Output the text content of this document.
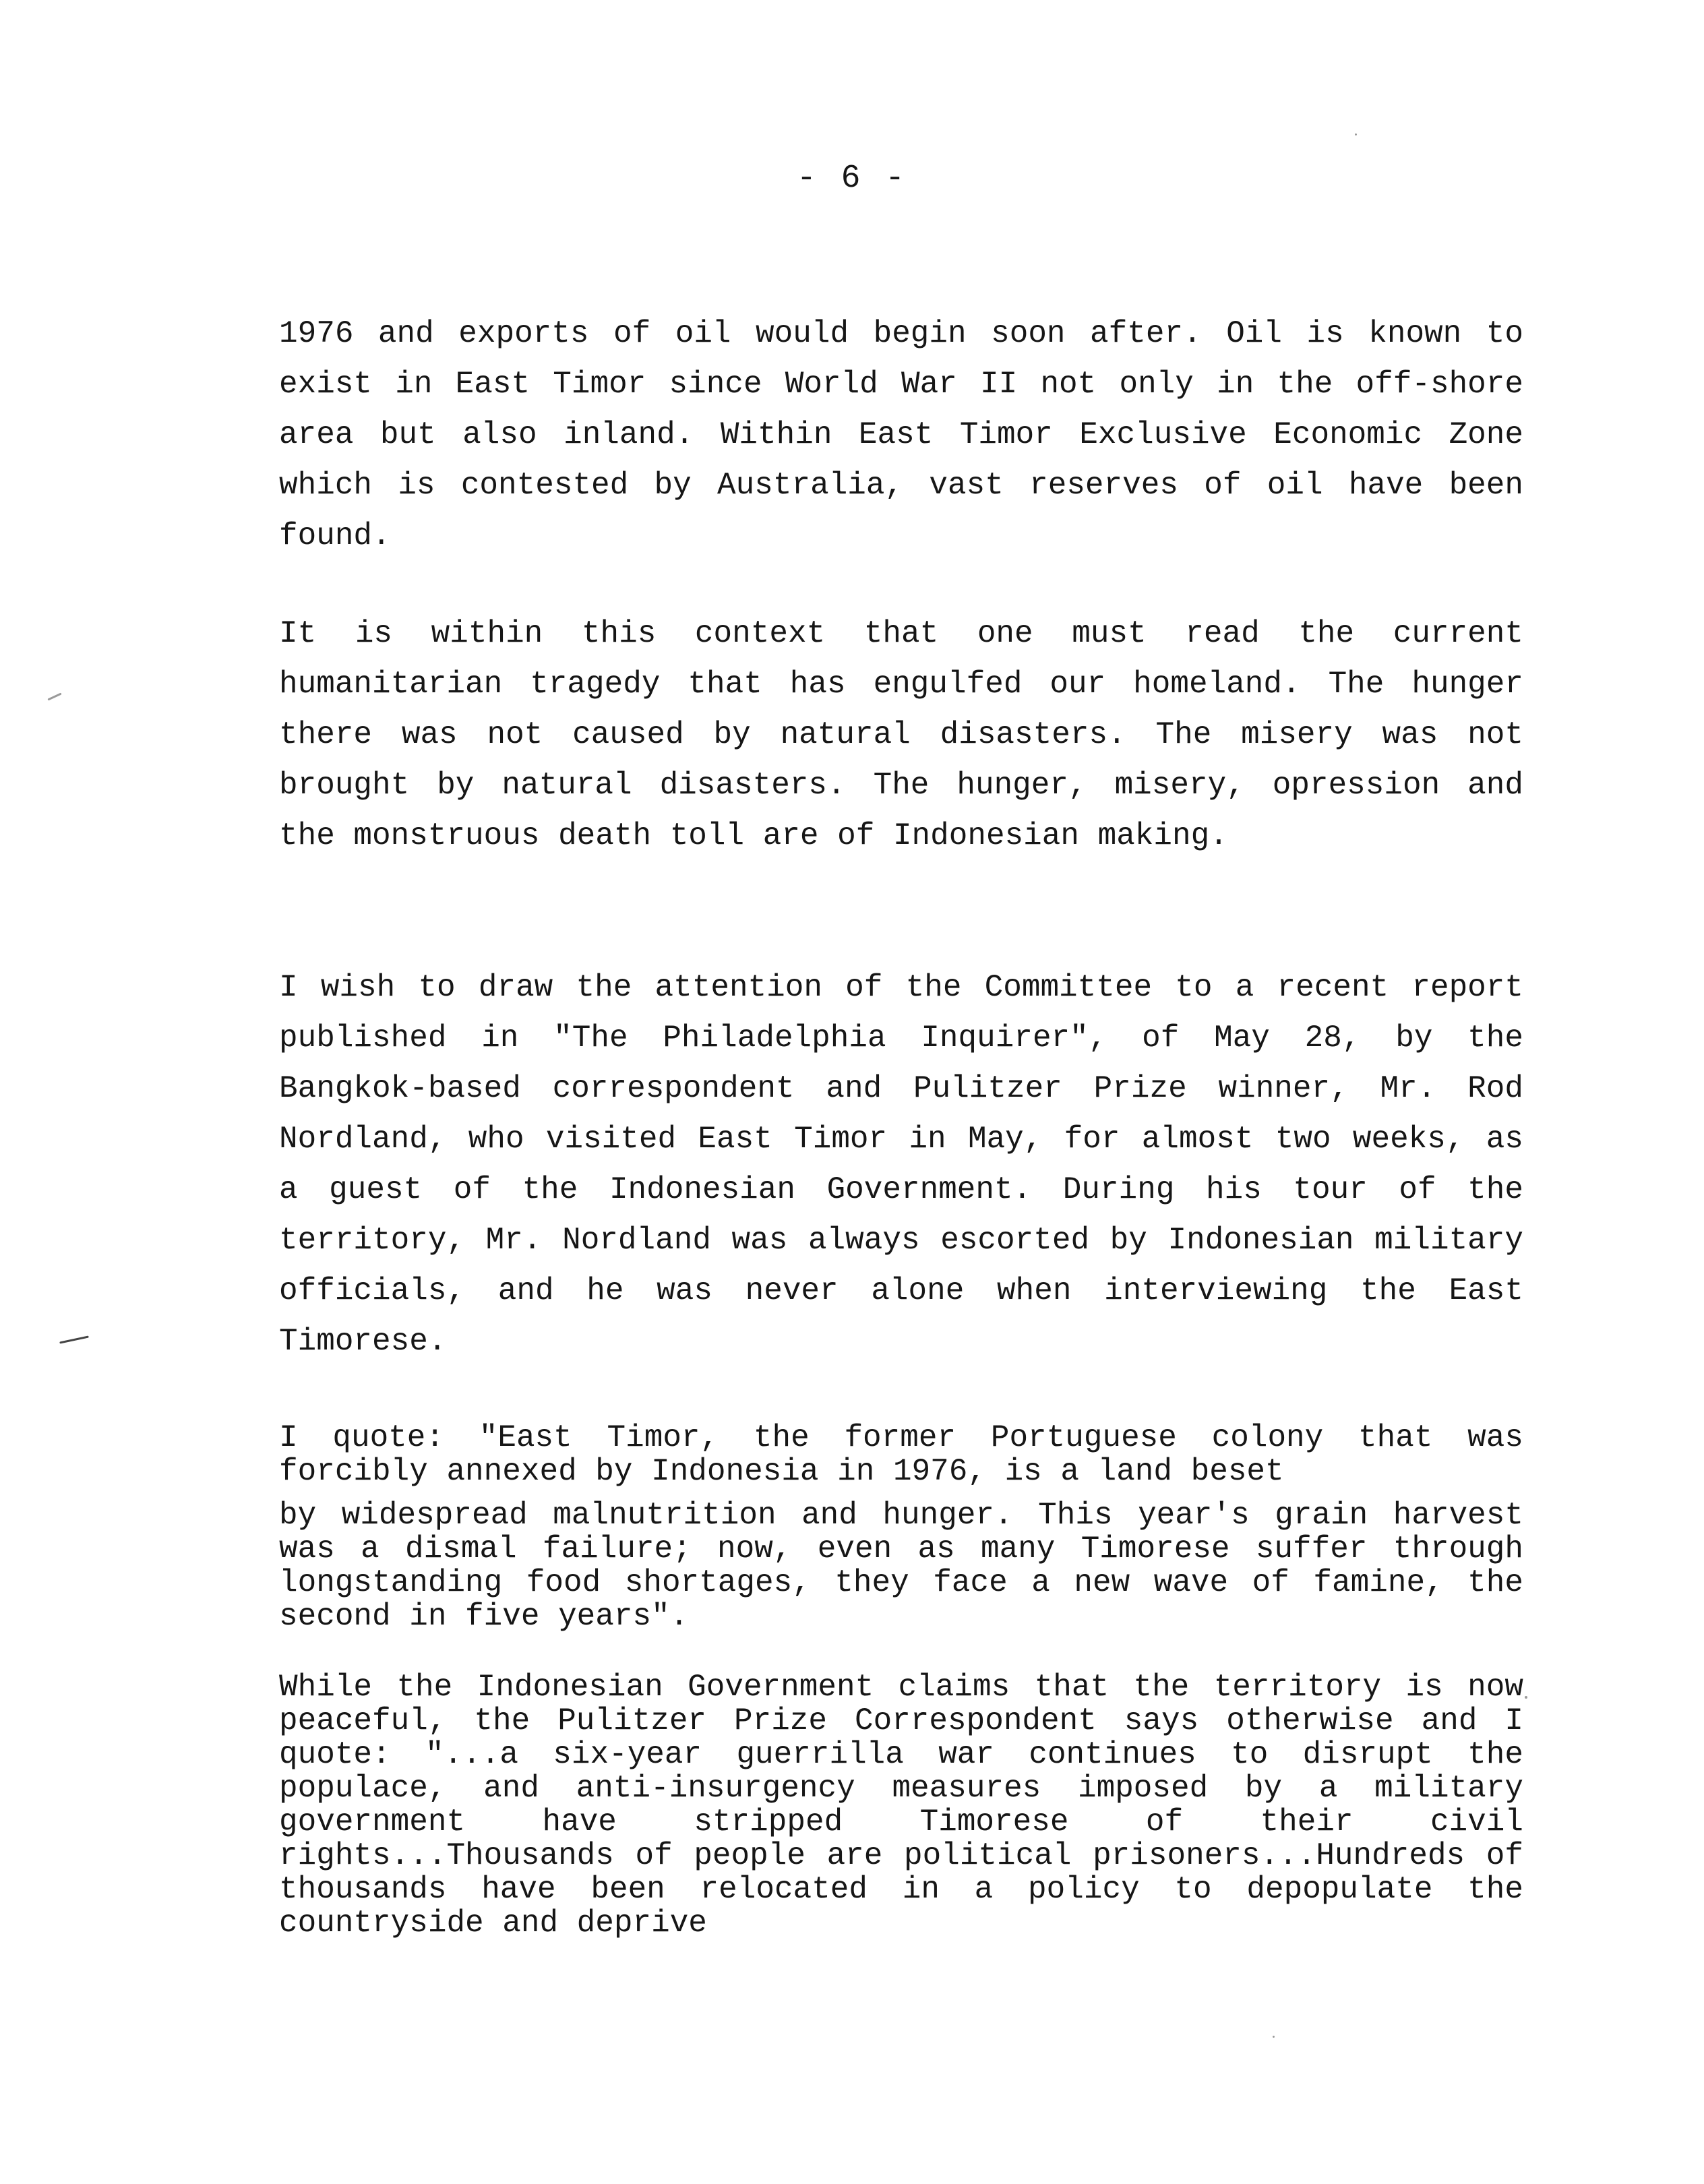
- 6 -

1976 and exports of oil would begin soon after. Oil is known to exist in East Timor since World War II not only in the off-shore area but also inland. Within East Timor Exclusive Economic Zone which is contested by Australia, vast reserves of oil have been found.

It is within this context that one must read the current humanitarian tragedy that has engulfed our homeland. The hunger there was not caused by natural disasters. The misery was not brought by natural disasters. The hunger, misery, opression and the monstruous death toll are of Indonesian making.

I wish to draw the attention of the Committee to a recent report published in "The Philadelphia Inquirer", of May 28, by the Bangkok-based correspondent and Pulitzer Prize winner, Mr. Rod Nordland, who visited East Timor in May, for almost two weeks, as a guest of the Indonesian Government. During his tour of the territory, Mr. Nordland was always escorted by Indonesian military officials, and he was never alone when interviewing the East Timorese.

I quote: "East Timor, the former Portuguese colony that was forcibly annexed by Indonesia in 1976, is a land beset

by widespread malnutrition and hunger. This year's grain harvest was a dismal failure; now, even as many Timorese suffer through longstanding food shortages, they face a new wave of famine, the second in five years".

While the Indonesian Government claims that the territory is now peaceful, the Pulitzer Prize Correspondent says otherwise and I quote: "...a six-year guerrilla war continues to disrupt the populace, and anti-insurgency measures imposed by a military government have stripped Timorese of their civil rights...Thousands of people are political prisoners...Hundreds of thousands have been relocated in a policy to depopulate the countryside and deprive
